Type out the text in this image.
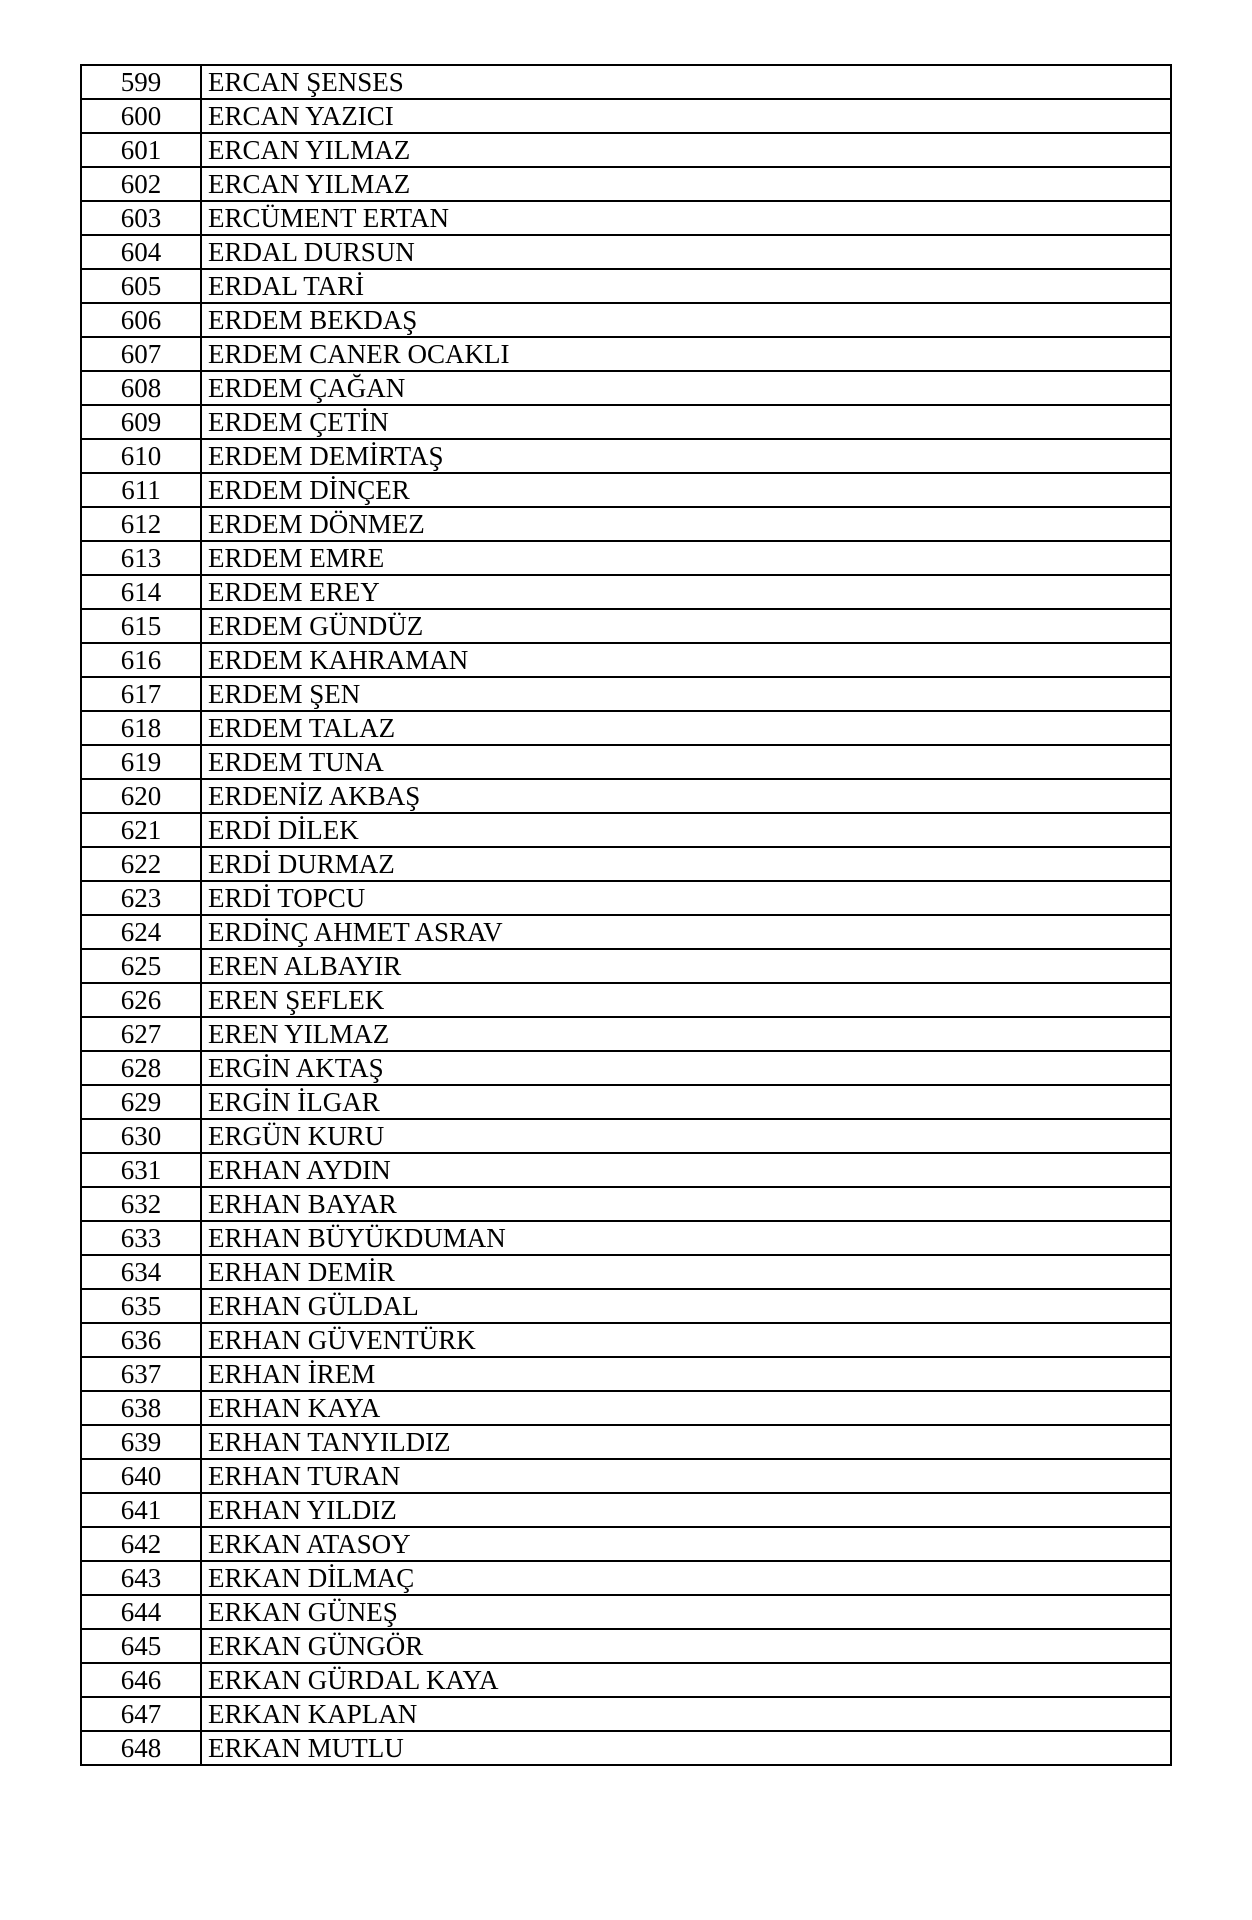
599	ERCAN ŞENSES
600	ERCAN YAZICI
601	ERCAN YILMAZ
602	ERCAN YILMAZ
603	ERCÜMENT ERTAN
604	ERDAL DURSUN
605	ERDAL TARİ
606	ERDEM BEKDAŞ
607	ERDEM CANER OCAKLI
608	ERDEM ÇAĞAN
609	ERDEM ÇETİN
610	ERDEM DEMİRTAŞ
611	ERDEM DİNÇER
612	ERDEM DÖNMEZ
613	ERDEM EMRE
614	ERDEM EREY
615	ERDEM GÜNDÜZ
616	ERDEM KAHRAMAN
617	ERDEM ŞEN
618	ERDEM TALAZ
619	ERDEM TUNA
620	ERDENİZ AKBAŞ
621	ERDİ DİLEK
622	ERDİ DURMAZ
623	ERDİ TOPCU
624	ERDİNÇ AHMET ASRAV
625	EREN ALBAYIR
626	EREN ŞEFLEK
627	EREN YILMAZ
628	ERGİN AKTAŞ
629	ERGİN İLGAR
630	ERGÜN KURU
631	ERHAN AYDIN
632	ERHAN BAYAR
633	ERHAN BÜYÜKDUMAN
634	ERHAN DEMİR
635	ERHAN GÜLDAL
636	ERHAN GÜVENTÜRK
637	ERHAN İREM
638	ERHAN KAYA
639	ERHAN TANYILDIZ
640	ERHAN TURAN
641	ERHAN YILDIZ
642	ERKAN ATASOY
643	ERKAN DİLMAÇ
644	ERKAN GÜNEŞ
645	ERKAN GÜNGÖR
646	ERKAN GÜRDAL KAYA
647	ERKAN KAPLAN
648	ERKAN MUTLU
